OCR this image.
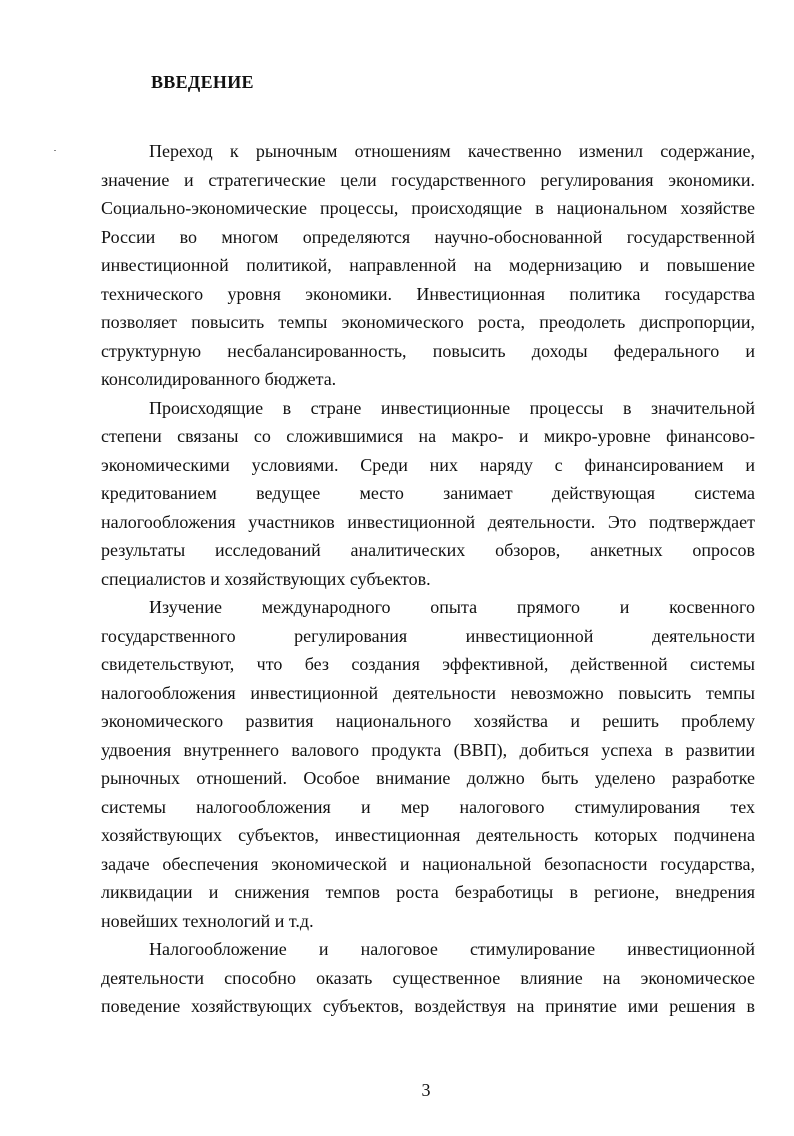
ВВЕДЕНИЕ
Переход к рыночным отношениям качественно изменил содержание,
значение и стратегические цели государственного регулирования экономики.
Социально-экономические процессы, происходящие в национальном хозяйстве
России во многом определяются научно-обоснованной государственной
инвестиционной политикой, направленной на модернизацию и повышение
технического уровня экономики. Инвестиционная политика государства
позволяет повысить темпы экономического роста, преодолеть диспропорции,
структурную несбалансированность, повысить доходы федерального и
консолидированного бюджета.
Происходящие в стране инвестиционные процессы в значительной
степени связаны со сложившимися на макро- и микро-уровне финансово-
экономическими условиями. Среди них наряду с финансированием и
кредитованием ведущее место занимает действующая система
налогообложения участников инвестиционной деятельности. Это подтверждает
результаты исследований аналитических обзоров, анкетных опросов
специалистов и хозяйствующих субъектов.
Изучение международного опыта прямого и косвенного
государственного регулирования инвестиционной деятельности
свидетельствуют, что без создания эффективной, действенной системы
налогообложения инвестиционной деятельности невозможно повысить темпы
экономического развития национального хозяйства и решить проблему
удвоения внутреннего валового продукта (ВВП), добиться успеха в развитии
рыночных отношений. Особое внимание должно быть уделено разработке
системы налогообложения и мер налогового стимулирования тех
хозяйствующих субъектов, инвестиционная деятельность которых подчинена
задаче обеспечения экономической и национальной безопасности государства,
ликвидации и снижения темпов роста безработицы в регионе, внедрения
новейших технологий и т.д.
Налогообложение и налоговое стимулирование инвестиционной
деятельности способно оказать существенное влияние на экономическое
поведение хозяйствующих субъектов, воздействуя на принятие ими решения в
3
